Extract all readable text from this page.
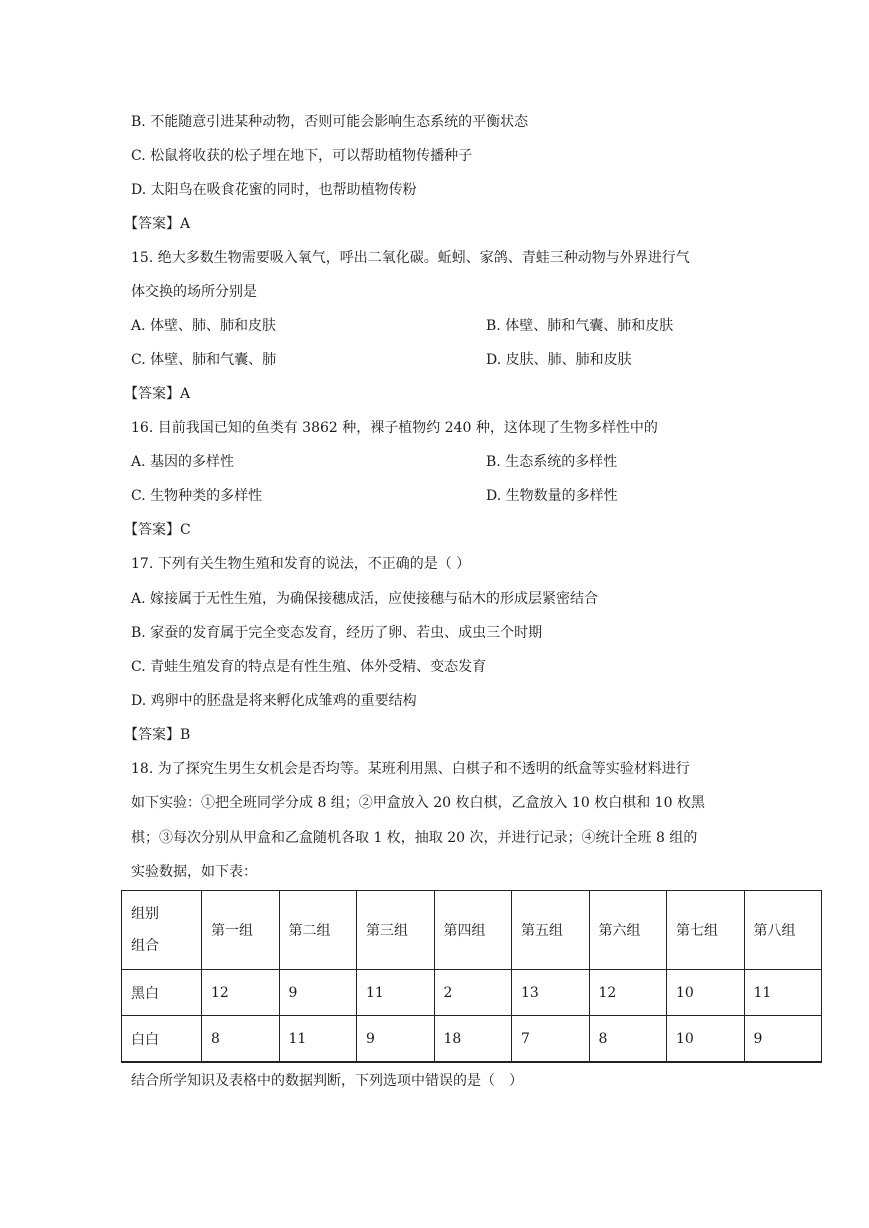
B. 不能随意引进某种动物，否则可能会影响生态系统的平衡状态
C. 松鼠将收获的松子埋在地下，可以帮助植物传播种子
D. 太阳鸟在吸食花蜜的同时，也帮助植物传粉
【答案】A
15. 绝大多数生物需要吸入氧气，呼出二氧化碳。蚯蚓、家鸽、青蛙三种动物与外界进行气
体交换的场所分别是
A. 体壁、肺、肺和皮肤	B. 体壁、肺和气囊、肺和皮肤
C. 体壁、肺和气囊、肺	D. 皮肤、肺、肺和皮肤
【答案】A
16. 目前我国已知的鱼类有 3862 种，裸子植物约 240 种，这体现了生物多样性中的
A. 基因的多样性	B. 生态系统的多样性
C. 生物种类的多样性	D. 生物数量的多样性
【答案】C
17. 下列有关生物生殖和发育的说法，不正确的是（ ）
A. 嫁接属于无性生殖，为确保接穗成活，应使接穗与砧木的形成层紧密结合
B. 家蚕的发育属于完全变态发育，经历了卵、若虫、成虫三个时期
C. 青蛙生殖发育的特点是有性生殖、体外受精、变态发育
D. 鸡卵中的胚盘是将来孵化成雏鸡的重要结构
【答案】B
18. 为了探究生男生女机会是否均等。某班利用黑、白棋子和不透明的纸盒等实验材料进行
如下实验：①把全班同学分成 8 组；②甲盒放入 20 枚白棋，乙盒放入 10 枚白棋和 10 枚黑
棋；③每次分别从甲盒和乙盒随机各取 1 枚，抽取 20 次，并进行记录；④统计全班 8 组的
实验数据，如下表：
组别
组合	第一组	第二组	第三组	第四组	第五组	第六组	第七组	第八组
黑白	12	9	11	2	13	12	10	11
白白	8	11	9	18	7	8	10	9
结合所学知识及表格中的数据判断，下列选项中错误的是（　）
